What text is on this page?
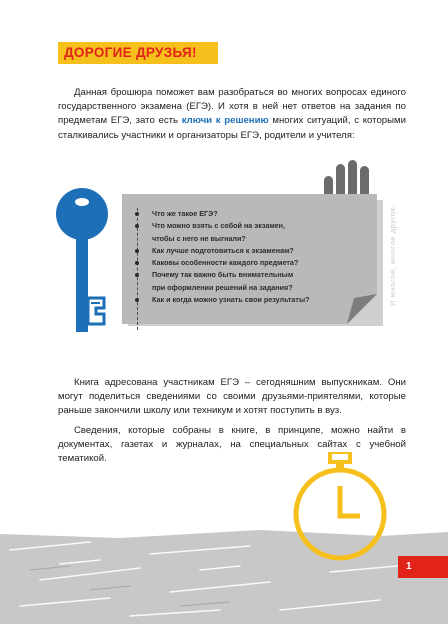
ДОРОГИЕ ДРУЗЬЯ!

Данная брошюра поможет вам разобраться во многих вопросах единого государственного экзамена (ЕГЭ). И хотя в ней нет ответов на задания по предметам ЕГЭ, зато есть ключи к решению многих ситуаций, с которыми сталкивались участники и организаторы ЕГЭ, родители и учителя:

Что же такое ЕГЭ?
Что можно взять с собой на экзамен,
чтобы с него не выгнали?
Как лучше подготовиться к экзаменам?
Каковы особенности каждого предмета?
Почему так важно быть внимательным
при оформлении решений на задания?
Как и когда можно узнать свои результаты?	И многое, многое другое.

Книга адресована участникам ЕГЭ – сегодняшним выпускникам. Они могут поделиться сведениями со своими друзьями-приятелями, которые раньше закончили школу или техникум и хотят поступить в вуз.

Сведения, которые собраны в книге, в принципе, можно найти в документах, газетах и журналах, на специальных сайтах с учебной тематикой.

1
